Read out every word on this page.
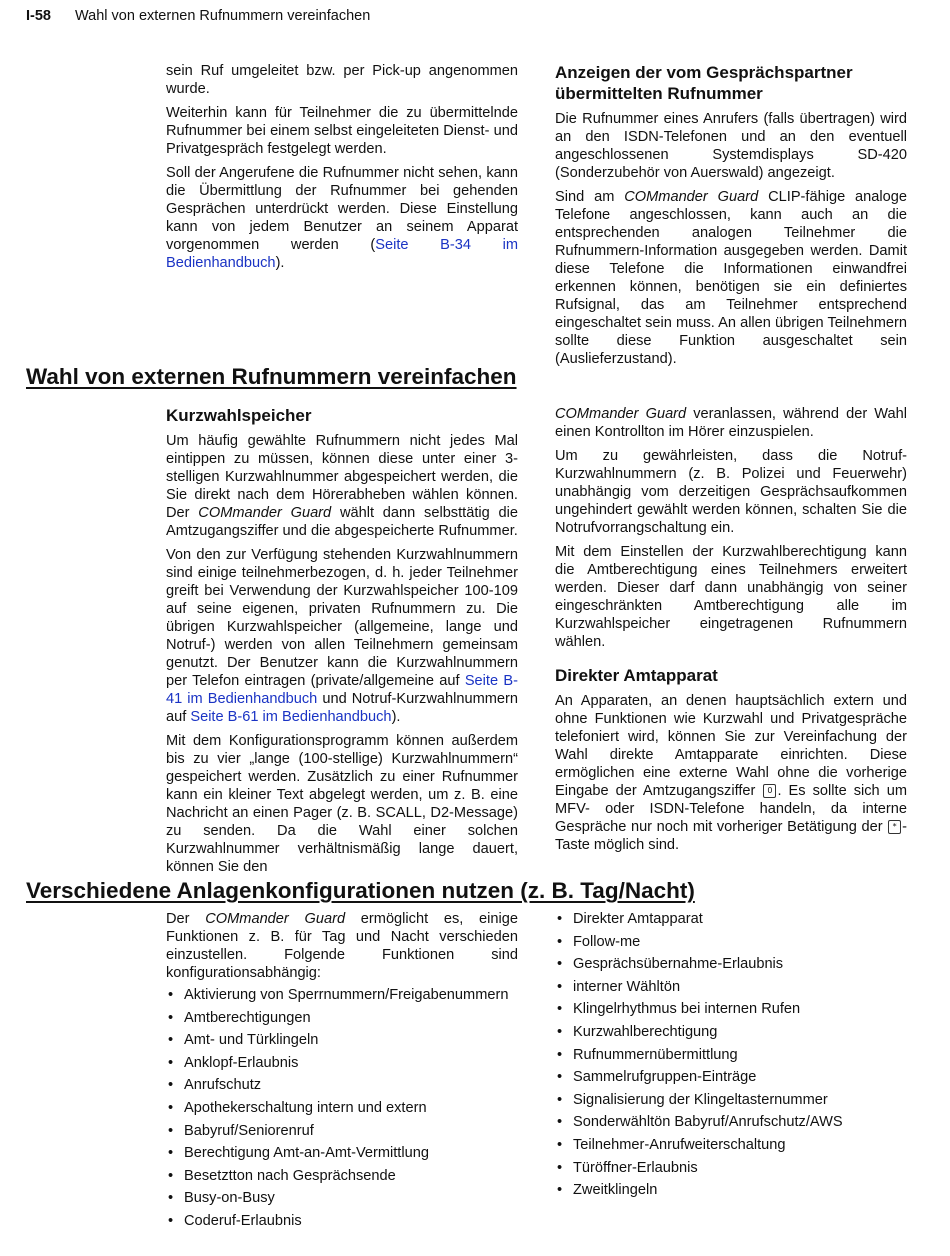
I-58 Wahl von externen Rufnummern vereinfachen

sein Ruf umgeleitet bzw. per Pick-up angenommen wurde.

Weiterhin kann für Teilnehmer die zu übermittelnde Rufnummer bei einem selbst eingeleiteten Dienst- und Privatgespräch festgelegt werden.

Soll der Angerufene die Rufnummer nicht sehen, kann die Übermittlung der Rufnummer bei gehenden Gesprächen unterdrückt werden. Diese Einstellung kann von jedem Benutzer an seinem Apparat vorgenommen werden (Seite B-34 im Bedienhandbuch).

Anzeigen der vom Gesprächspartner übermittelten Rufnummer

Die Rufnummer eines Anrufers (falls übertragen) wird an den ISDN-Telefonen und an den eventuell angeschlossenen Systemdisplays SD-420 (Sonderzubehör von Auerswald) angezeigt.

Sind am COMmander Guard CLIP-fähige analoge Telefone angeschlossen, kann auch an die entsprechenden analogen Teilnehmer die Rufnummern-Information ausgegeben werden. Damit diese Telefone die Informationen einwandfrei erkennen können, benötigen sie ein definiertes Rufsignal, das am Teilnehmer entsprechend eingeschaltet sein muss. An allen übrigen Teilnehmern sollte diese Funktion ausgeschaltet sein (Auslieferzustand).

Wahl von externen Rufnummern vereinfachen
Kurzwahlspeicher

Um häufig gewählte Rufnummern nicht jedes Mal eintippen zu müssen, können diese unter einer 3-stelligen Kurzwahlnummer abgespeichert werden, die Sie direkt nach dem Hörerabheben wählen können. Der COMmander Guard wählt dann selbsttätig die Amtzugangsziffer und die abgespeicherte Rufnummer.

Von den zur Verfügung stehenden Kurzwahlnummern sind einige teilnehmerbezogen, d. h. jeder Teilnehmer greift bei Verwendung der Kurzwahlspeicher 100-109 auf seine eigenen, privaten Rufnummern zu. Die übrigen Kurzwahlspeicher (allgemeine, lange und Notruf-) werden von allen Teilnehmern gemeinsam genutzt. Der Benutzer kann die Kurzwahlnummern per Telefon eintragen (private/allgemeine auf Seite B-41 im Bedienhandbuch und Notruf-Kurzwahlnummern auf Seite B-61 im Bedienhandbuch).

Mit dem Konfigurationsprogramm können außerdem bis zu vier „lange (100-stellige) Kurzwahlnummern“ gespeichert werden. Zusätzlich zu einer Rufnummer kann ein kleiner Text abgelegt werden, um z. B. eine Nachricht an einen Pager (z. B. SCALL, D2-Message) zu senden. Da die Wahl einer solchen Kurzwahlnummer verhältnismäßig lange dauert, können Sie den

COMmander Guard veranlassen, während der Wahl einen Kontrollton im Hörer einzuspielen.

Um zu gewährleisten, dass die Notruf-Kurzwahlnummern (z. B. Polizei und Feuerwehr) unabhängig vom derzeitigen Gesprächsaufkommen ungehindert gewählt werden können, schalten Sie die Notrufvorrangschaltung ein.

Mit dem Einstellen der Kurzwahlberechtigung kann die Amtberechtigung eines Teilnehmers erweitert werden. Dieser darf dann unabhängig von seiner eingeschränkten Amtberechtigung alle im Kurzwahlspeicher eingetragenen Rufnummern wählen.

Direkter Amtapparat

An Apparaten, an denen hauptsächlich extern und ohne Funktionen wie Kurzwahl und Privatgespräche telefoniert wird, können Sie zur Vereinfachung der Wahl direkte Amtapparate einrichten. Diese ermöglichen eine externe Wahl ohne die vorherige Eingabe der Amtzugangsziffer 0 . Es sollte sich um MFV- oder ISDN-Telefone handeln, da interne Gespräche nur noch mit vorheriger Betätigung der * -Taste möglich sind.

Verschiedene Anlagenkonfigurationen nutzen (z. B. Tag/Nacht)

Der COMmander Guard ermöglicht es, einige Funktionen z. B. für Tag und Nacht verschieden einzustellen. Folgende Funktionen sind konfigurationsabhängig:

• Aktivierung von Sperrnummern/Freigabenummern
• Amtberechtigungen
• Amt- und Türklingeln
• Anklopf-Erlaubnis
• Anrufschutz
• Apothekerschaltung intern und extern
• Babyruf/Seniorenruf
• Berechtigung Amt-an-Amt-Vermittlung
• Besetztton nach Gesprächsende
• Busy-on-Busy
• Coderuf-Erlaubnis
• Direkter Amtapparat
• Follow-me
• Gesprächsübernahme-Erlaubnis
• interner Wähltön
• Klingelrhythmus bei internen Rufen
• Kurzwahlberechtigung
• Rufnummernübermittlung
• Sammelrufgruppen-Einträge
• Signalisierung der Klingeltasternummer
• Sonderwähltön Babyruf/Anrufschutz/AWS
• Teilnehmer-Anrufweiterschaltung
• Türöffner-Erlaubnis
• Zweitklingeln
